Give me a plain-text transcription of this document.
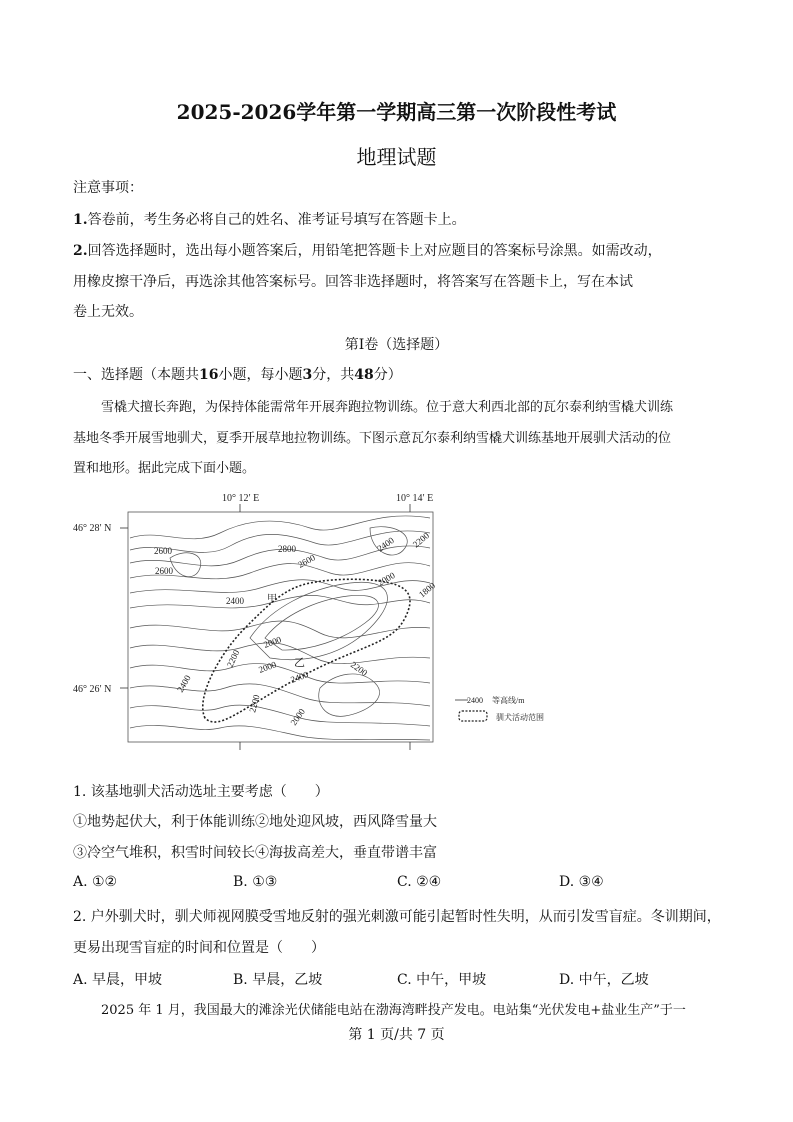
2025-2026学年第一学期高三第一次阶段性考试
地理试题
注意事项：
1.答卷前，考生务必将自己的姓名、准考证号填写在答题卡上。
2.回答选择题时，选出每小题答案后，用铅笔把答题卡上对应题目的答案标号涂黑。如需改动，
用橡皮擦干净后，再选涂其他答案标号。回答非选择题时，将答案写在答题卡上，写在本试
卷上无效。
第Ⅰ卷（选择题）
一、选择题（本题共16小题，每小题3分，共48分）
雪橇犬擅长奔跑，为保持体能需常年开展奔跑拉物训练。位于意大利西北部的瓦尔泰利纳雪橇犬训练
基地冬季开展雪地驯犬，夏季开展草地拉物训练。下图示意瓦尔泰利纳雪橇犬训练基地开展驯犬活动的位
置和地形。据此完成下面小题。
10° 12′ E	10° 14′ E
46° 28′ N
46° 26′ N
2600
2600
2800
2600
2400 2200
2400
2000
1800
2200
2000
2000
2400	2200
2400
2200
2000
甲
乙
2400 等高线/m
驯犬活动范围
1. 该基地驯犬活动选址主要考虑（　　）
①地势起伏大，利于体能训练②地处迎风坡，西风降雪量大
③冷空气堆积，积雪时间较长④海拔高差大，垂直带谱丰富
A. ①②	B. ①③	C. ②④	D. ③④
2. 户外驯犬时，驯犬师视网膜受雪地反射的强光刺激可能引起暂时性失明，从而引发雪盲症。冬训期间，
更易出现雪盲症的时间和位置是（　　）
A. 早晨，甲坡	B. 早晨，乙坡	C. 中午，甲坡	D. 中午，乙坡
2025 年 1 月，我国最大的滩涂光伏储能电站在渤海湾畔投产发电。电站集“光伏发电+盐业生产”于一
第 1 页/共 7 页
